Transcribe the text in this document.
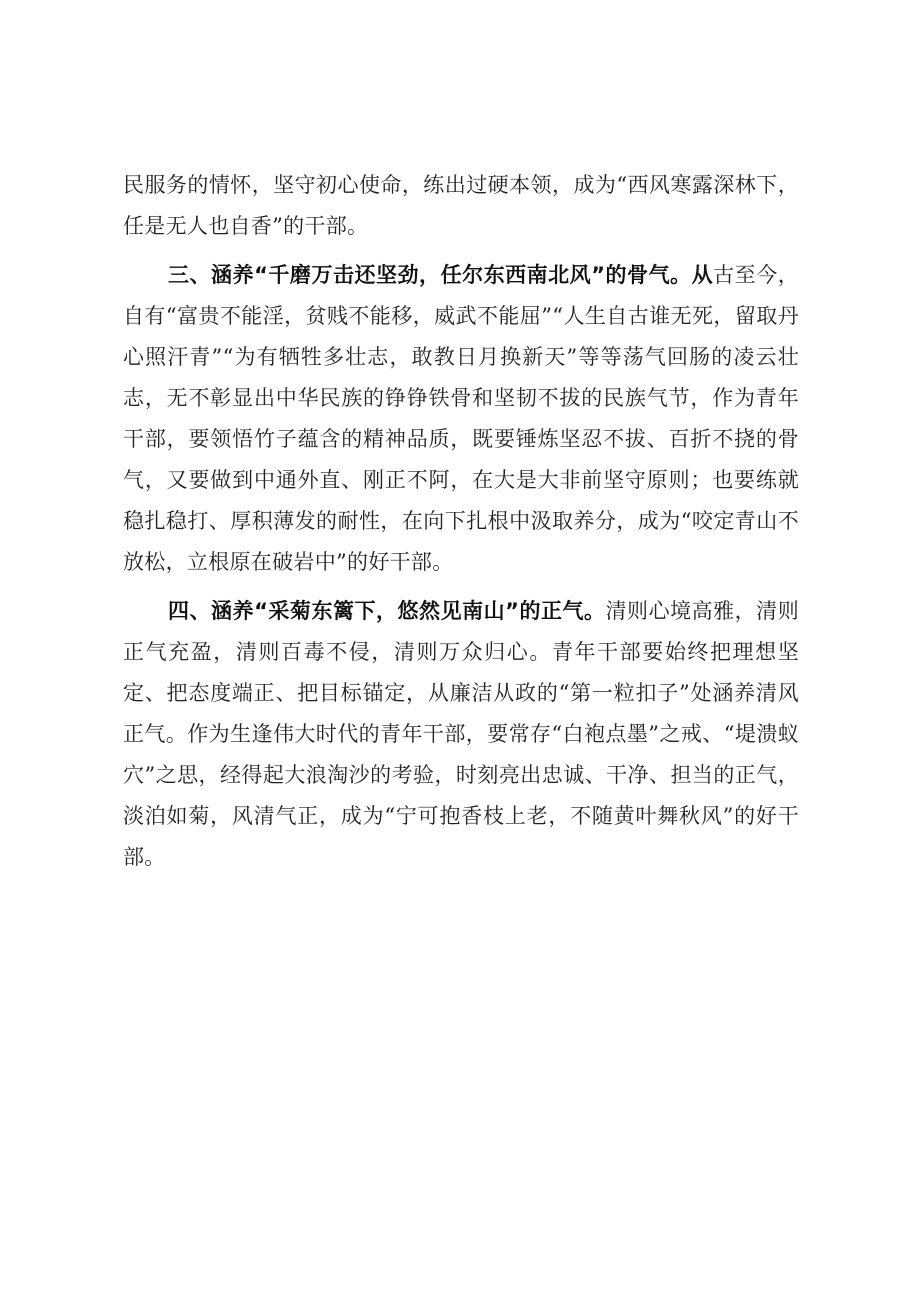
民服务的情怀，坚守初心使命，练出过硬本领，成为“西风寒露深林下，任是无人也自香”的干部。

三、涵养“千磨万击还坚劲，任尔东西南北风”的骨气。从古至今，自有“富贵不能淫，贫贱不能移，威武不能屈”“人生自古谁无死，留取丹心照汗青”“为有牺牲多壮志，敢教日月换新天”等等荡气回肠的凌云壮志，无不彰显出中华民族的铮铮铁骨和坚韧不拔的民族气节，作为青年干部，要领悟竹子蕴含的精神品质，既要锤炼坚忍不拔、百折不挠的骨气，又要做到中通外直、刚正不阿，在大是大非前坚守原则；也要练就稳扎稳打、厚积薄发的耐性，在向下扎根中汲取养分，成为“咬定青山不放松，立根原在破岩中”的好干部。

四、涵养“采菊东篱下，悠然见南山”的正气。清则心境高雅，清则正气充盈，清则百毒不侵，清则万众归心。青年干部要始终把理想坚定、把态度端正、把目标锚定，从廉洁从政的“第一粒扣子”处涵养清风正气。作为生逢伟大时代的青年干部，要常存“白袍点墨”之戒、“堤溃蚁穴”之思，经得起大浪淘沙的考验，时刻亮出忠诚、干净、担当的正气，淡泊如菊，风清气正，成为“宁可抱香枝上老，不随黄叶舞秋风”的好干部。
